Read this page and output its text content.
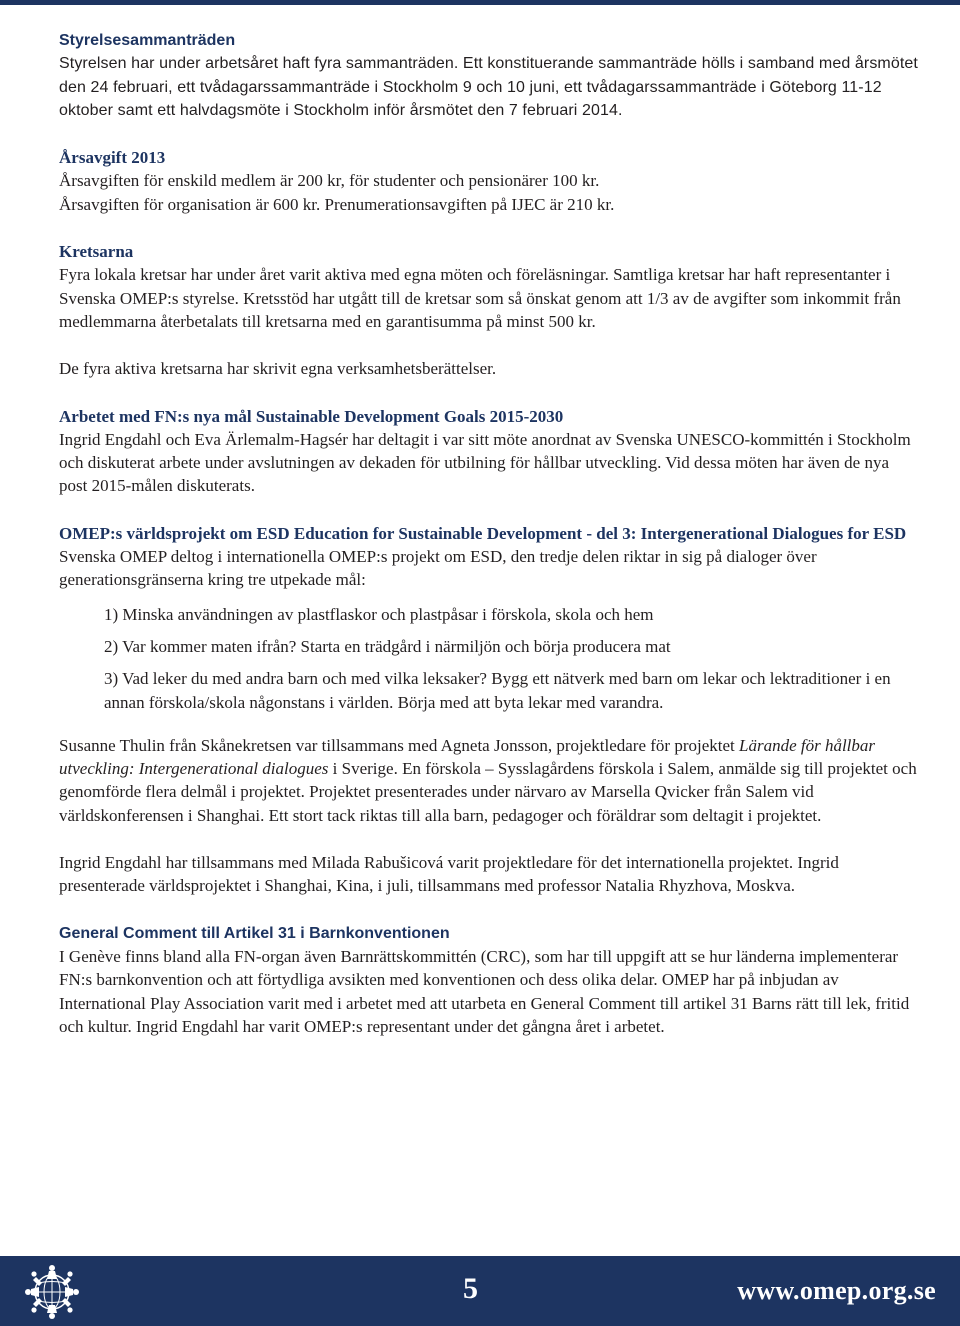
Styrelsesammanträden

Styrelsen har under arbetsåret haft fyra sammanträden. Ett konstituerande sammanträde hölls i samband med årsmötet den 24 februari, ett tvådagarssammanträde i Stockholm 9 och 10 juni, ett tvådagarssammanträde i Göteborg 11-12 oktober samt ett halvdagsmöte i Stockholm inför årsmötet den 7 februari 2014.

Årsavgift 2013

Årsavgiften för enskild medlem är 200 kr, för studenter och pensionärer 100 kr.

Årsavgiften för organisation är 600 kr. Prenumerationsavgiften på IJEC är 210 kr.

Kretsarna

Fyra lokala kretsar har under året varit aktiva med egna möten och föreläsningar. Samtliga kretsar har haft representanter i Svenska OMEP:s styrelse. Kretsstöd har utgått till de kretsar som så önskat genom att 1/3 av de avgifter som inkommit från medlemmarna återbetalats till kretsarna med en garantisumma på minst 500 kr.

De fyra aktiva kretsarna har skrivit egna verksamhetsberättelser.

Arbetet med FN:s nya mål Sustainable Development Goals 2015-2030

Ingrid Engdahl och Eva Ärlemalm-Hagsér har deltagit i var sitt möte anordnat av Svenska UNESCO-kommittén i Stockholm och diskuterat arbete under avslutningen av dekaden för utbilning för hållbar utveckling. Vid dessa möten har även de nya post 2015-målen diskuterats.

OMEP:s världsprojekt om ESD Education for Sustainable Development - del 3: Intergenerational Dialogues for ESD

Svenska OMEP deltog i internationella OMEP:s projekt om ESD, den tredje delen riktar in sig på dialoger över generationsgränserna kring tre utpekade mål:

1) Minska användningen av plastflaskor och plastpåsar i förskola, skola och hem
2) Var kommer maten ifrån? Starta en trädgård i närmiljön och börja producera mat
3) Vad leker du med andra barn och med vilka leksaker? Bygg ett nätverk med barn om lekar och lektraditioner i en annan förskola/skola någonstans i världen. Börja med att byta lekar med varandra.

Susanne Thulin från Skånekretsen var tillsammans med Agneta Jonsson, projektledare för projektet Lärande för hållbar utveckling: Intergenerational dialogues i Sverige. En förskola – Sysslagårdens förskola i Salem, anmälde sig till projektet och genomförde flera delmål i projektet. Projektet presenterades under närvaro av Marsella Qvicker från Salem vid världskonferensen i Shanghai. Ett stort tack riktas till alla barn, pedagoger och föräldrar som deltagit i projektet.

Ingrid Engdahl har tillsammans med Milada Rabušicová varit projektledare för det internationella projektet. Ingrid presenterade världsprojektet i Shanghai, Kina, i juli, tillsammans med professor Natalia Rhyzhova, Moskva.

General Comment till Artikel 31 i Barnkonventionen

I Genève finns bland alla FN-organ även Barnrättskommittén (CRC), som har till uppgift att se hur länderna implementerar FN:s barnkonvention och att förtydliga avsikten med konventionen och dess olika delar. OMEP har på inbjudan av International Play Association varit med i arbetet med att utarbeta en General Comment till artikel 31 Barns rätt till lek, fritid och kultur. Ingrid Engdahl har varit OMEP:s representant under det gångna året i arbetet.

5	www.omep.org.se
